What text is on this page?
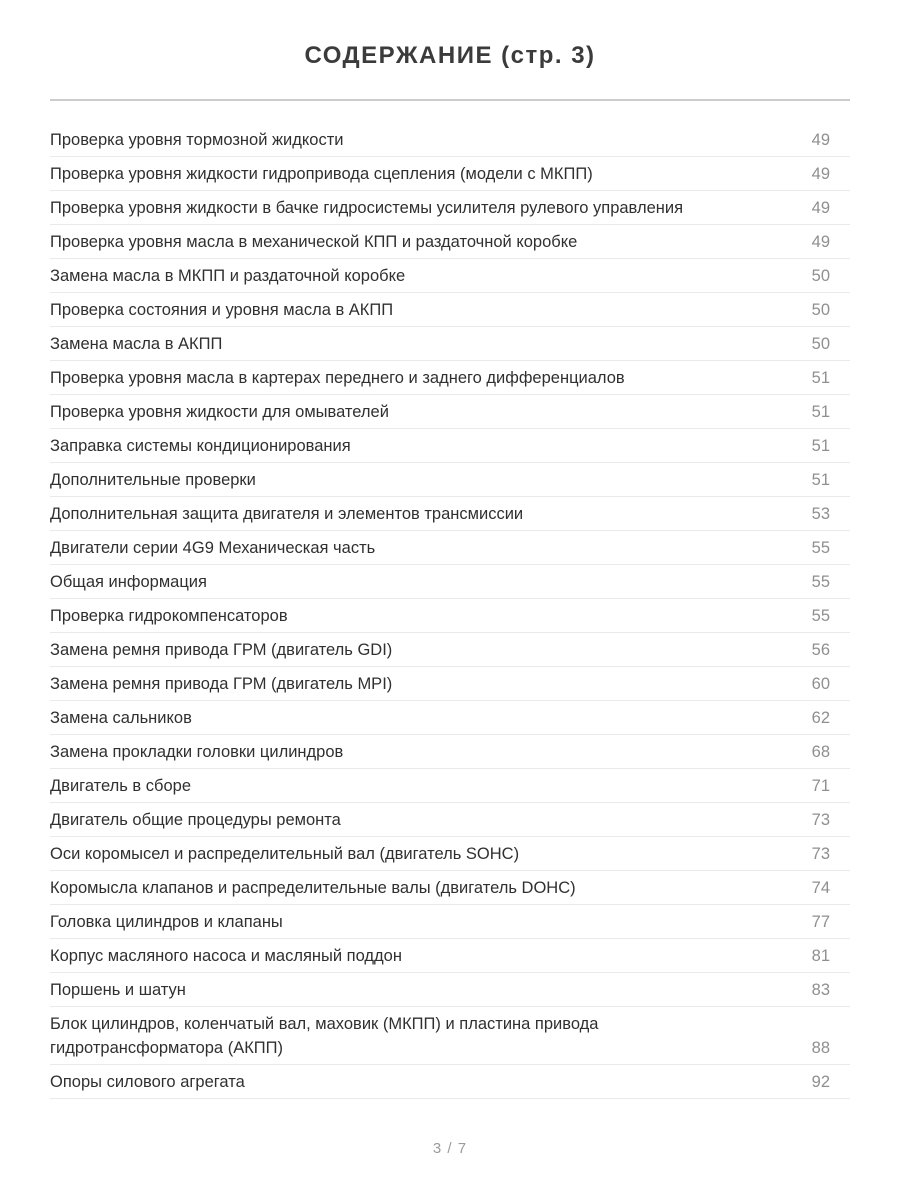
СОДЕРЖАНИЕ (стр. 3)
Проверка уровня тормозной жидкости	49
Проверка уровня жидкости гидропривода сцепления (модели с МКПП)	49
Проверка уровня жидкости в бачке гидросистемы усилителя рулевого управления	49
Проверка уровня масла в механической КПП и раздаточной коробке	49
Замена масла в МКПП и раздаточной коробке	50
Проверка состояния и уровня масла в АКПП	50
Замена масла в АКПП	50
Проверка уровня масла в картерах переднего и заднего дифференциалов	51
Проверка уровня жидкости для омывателей	51
Заправка системы кондиционирования	51
Дополнительные проверки	51
Дополнительная защита двигателя и элементов трансмиссии	53
Двигатели серии 4G9 Механическая часть	55
Общая информация	55
Проверка гидрокомпенсаторов	55
Замена ремня привода ГРМ (двигатель GDI)	56
Замена ремня привода ГРМ (двигатель MPI)	60
Замена сальников	62
Замена прокладки головки цилиндров	68
Двигатель в сборе	71
Двигатель общие процедуры ремонта	73
Оси коромысел и распределительный вал (двигатель SOHC)	73
Коромысла клапанов и распределительные валы (двигатель DOHC)	74
Головка цилиндров и клапаны	77
Корпус масляного насоса и масляный поддон	81
Поршень и шатун	83
Блок цилиндров, коленчатый вал, маховик (МКПП) и пластина привода гидротрансформатора (АКПП)	88
Опоры силового агрегата	92
3 / 7
